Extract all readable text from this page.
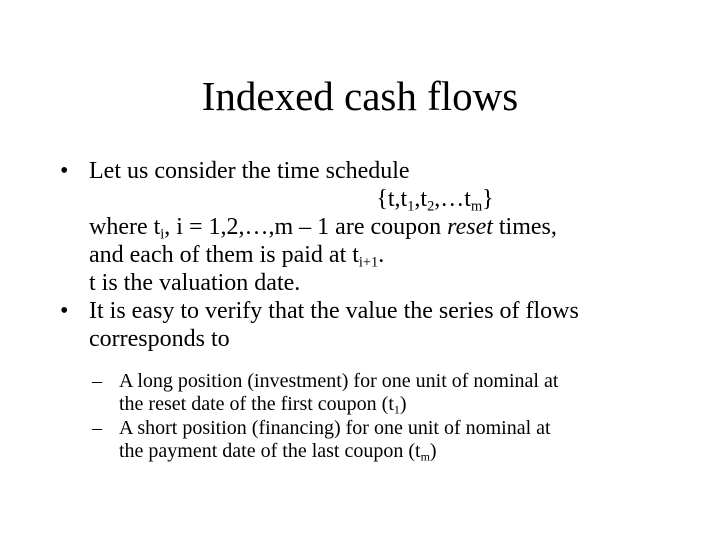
Indexed cash flows
• Let us consider the time schedule
$\{t,t_1,t_2,\dots t_m\}$
where $t_i$, i = 1,2,…,m – 1 are coupon reset times,
and each of them is paid at $t_{i+1}$.
t is the valuation date.
• It is easy to verify that the value the series of flows
corresponds to
– A long position (investment) for one unit of nominal at
the reset date of the first coupon $(t_1)$
– A short position (financing) for one unit of nominal at
the payment date of the last coupon $(t_m)$
